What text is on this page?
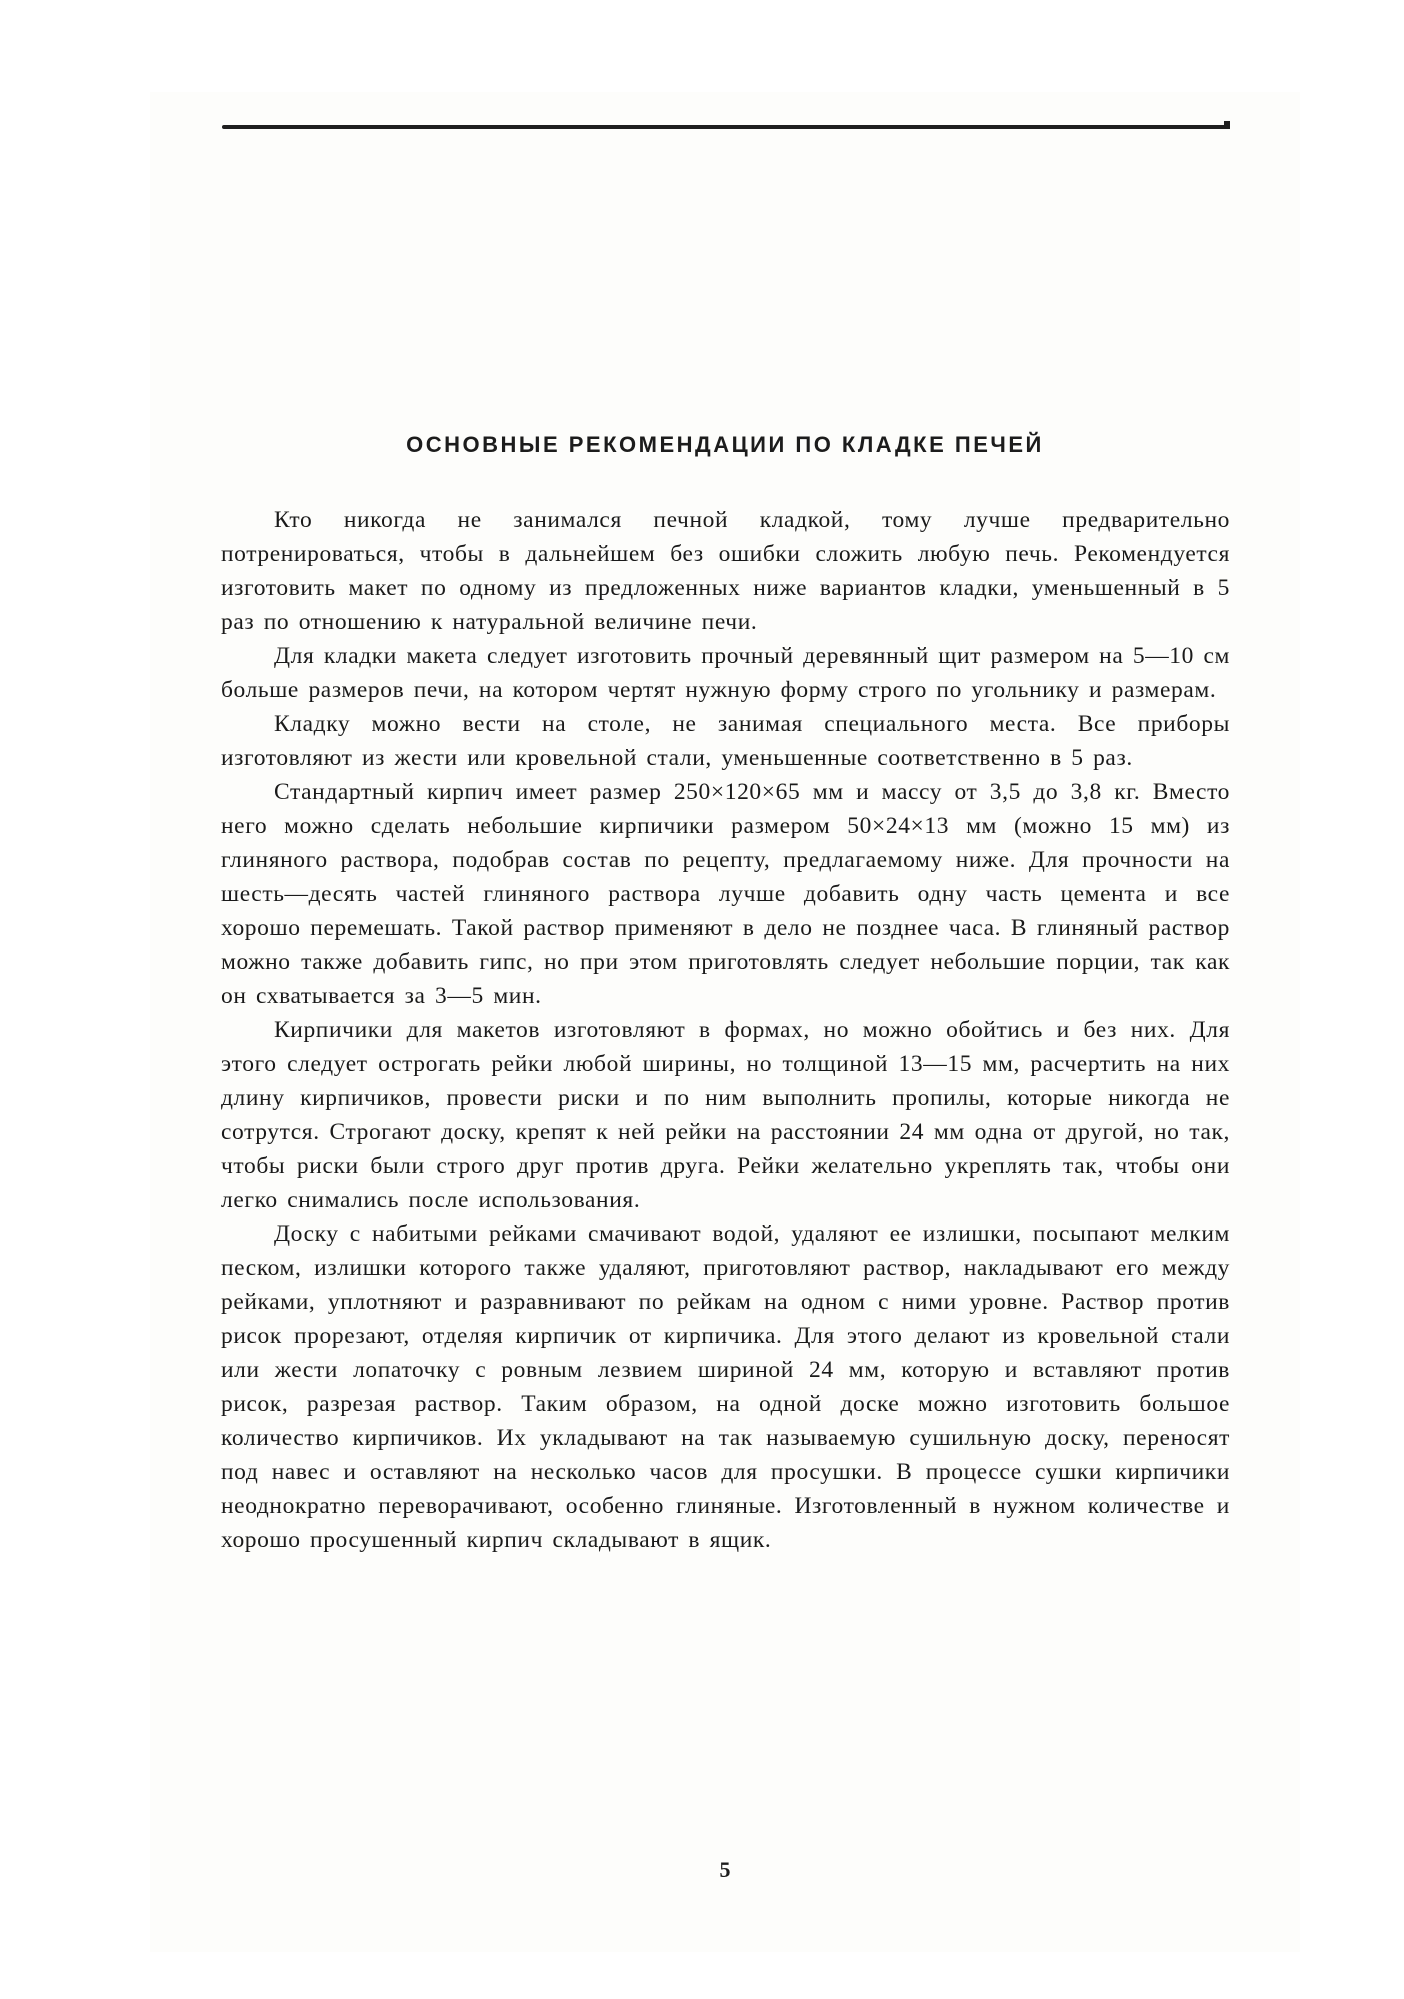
ОСНОВНЫЕ РЕКОМЕНДАЦИИ ПО КЛАДКЕ ПЕЧЕЙ

Кто никогда не занимался печной кладкой, тому лучше предварительно потренироваться, чтобы в дальнейшем без ошибки сложить любую печь. Рекомендуется изготовить макет по одному из предложенных ниже вариантов кладки, уменьшенный в 5 раз по отношению к натуральной величине печи.

Для кладки макета следует изготовить прочный деревянный щит размером на 5—10 см больше размеров печи, на котором чертят нужную форму строго по угольнику и размерам.

Кладку можно вести на столе, не занимая специального места. Все приборы изготовляют из жести или кровельной стали, уменьшенные соответственно в 5 раз.

Стандартный кирпич имеет размер 250×120×65 мм и массу от 3,5 до 3,8 кг. Вместо него можно сделать небольшие кирпичики размером 50×24×13 мм (можно 15 мм) из глиняного раствора, подобрав состав по рецепту, предлагаемому ниже. Для прочности на шесть—десять частей глиняного раствора лучше добавить одну часть цемента и все хорошо перемешать. Такой раствор применяют в дело не позднее часа. В глиняный раствор можно также добавить гипс, но при этом приготовлять следует небольшие порции, так как он схватывается за 3—5 мин.

Кирпичики для макетов изготовляют в формах, но можно обойтись и без них. Для этого следует острогать рейки любой ширины, но толщиной 13—15 мм, расчертить на них длину кирпичиков, провести риски и по ним выполнить пропилы, которые никогда не сотрутся. Строгают доску, крепят к ней рейки на расстоянии 24 мм одна от другой, но так, чтобы риски были строго друг против друга. Рейки желательно укреплять так, чтобы они легко снимались после использования.

Доску с набитыми рейками смачивают водой, удаляют ее излишки, посыпают мелким песком, излишки которого также удаляют, приготовляют раствор, накладывают его между рейками, уплотняют и разравнивают по рейкам на одном с ними уровне. Раствор против рисок прорезают, отделяя кирпичик от кирпичика. Для этого делают из кровельной стали или жести лопаточку с ровным лезвием шириной 24 мм, которую и вставляют против рисок, разрезая раствор. Таким образом, на одной доске можно изготовить большое количество кирпичиков. Их укладывают на так называемую сушильную доску, переносят под навес и оставляют на несколько часов для просушки. В процессе сушки кирпичики неоднократно переворачивают, особенно глиняные. Изготовленный в нужном количестве и хорошо просушенный кирпич складывают в ящик.

5
